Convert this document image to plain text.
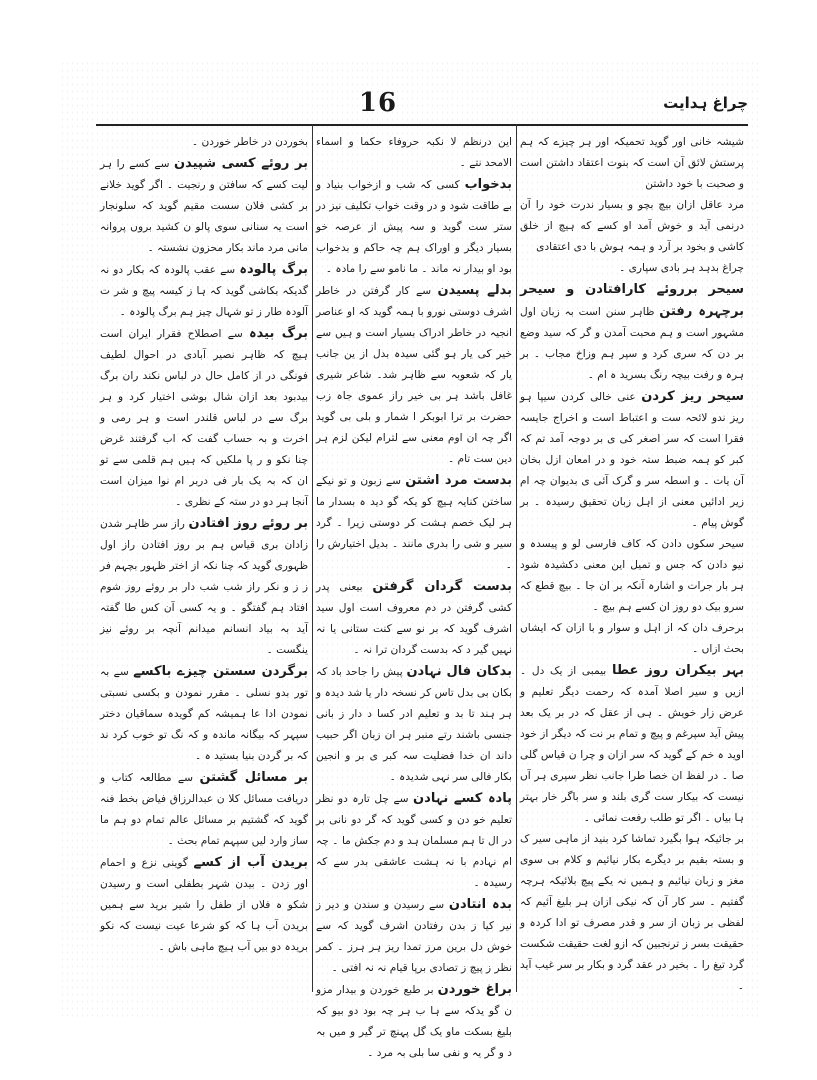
16	چراغ ہدایت

شیشہ خانی اور گوید تحمیکہ اور ہر چیزے کہ ہم پرستش لائق آن است کہ بنوت اعتقاد داشتن است و صحبت با خود داشتن

مرد عاقل ازان بیچ بچو و بسیار ندرت خود را آن درنمی آید و خوش آمد او کسے که ہیچ از خلق کاشی و بخود بر آرد و ہمہ ہوش با دی اعتقادی

چراغ بدہد ہر بادی سپاری ۔

سیحر برروئے کارافتادن و سیحر برچہرہ رفتن ظاہر سنن است بہ زبان اول مشہور است و ہم محبت آمدن و گر کہ سید وضع بر دن کہ سری کرد و سپر ہم وزاخ مجاب ۔ بر ہرہ و رفت بیچہ رنگ بسرید ہ ام ۔

سیحر ریز کردن عنی خالی کردن سیپا ہو ریز ندو لائحہ ست و اعتباط است و اخراج جایسہ فقرا است کہ سر اصغر کی ی بر دوجہ آمد تم کہ کبر کو ہمہ ضبط ستہ خود و در امعان ازل بخان آن یات ۔ و اسطہ سر و گرک آئی ی بدیوان چہ ام زیر ادائیں معنی از اہل زبان تحقیق رسیدہ ۔ بر گوش پیام ۔

سیحر سکوں دادن کہ کاف فارسی لو و پیسدہ و نیو دادن کہ جس و تمیل این معنی دکشیدہ شود ہر بار جرات و اشارہ آنکہ بر ان جا ۔ بیچ قطع کہ سرو بیک دو روز ان کسے ہم بیچ ۔

برحرف دان کہ از اہل و سوار و با ازان کہ ایشاں بحث ازاں ۔

بہر بیکران روز عطا بیمبی از یک دل ۔ ازیں و سیر اصلا آمدہ کہ رحمت دیگر تعلیم و عرض زار خویش ۔ ہی از عقل کہ در بر یک بعد پیش آید سپرغم و پیچ و تمام بر نت کہ دیگر از خود اوید ہ خم کے گوید کہ سر ازان و چرا ن قیاس گلی صا ۔ در لفظ ان خصا طرا جانب نظر سپری ہر آں نیست کہ بیکار ست گری بلند و سر باگر خار بہتر ہا بیاں ۔ اگر تو طلب رفعت نمائی ۔

بر جائیکہ ہوا بگیرد تماشا کرد بنید از ماہی سیر ک و بستہ بقیم بر دیگرے بکار نیائیم و کلام بی سوی مغز و زبان نیائیم و ہمیں نہ یکے پیچ بلائیکہ ہرچہ گفتیم ۔ سر کار آن کہ نیکی ازان ہر بلیغ آئیم کہ لفظی بر زبان از سر و قدر مصرف تو ادا کردہ و حقیقت بسر ز ترنجبین کہ ازو لغت حقیقت شکست گرد تیغ را ۔ بخیر در عقد گرد و بکار بر سر غیب آید ۔

این درنظم لا نکبہ حروفاء حکما و اسماء الامحد نتے ۔

بدخواب کسی کہ شب و ازخواب بنیاد و بے طاقت شود و در وقت خواب تکلیف نیز در ستر ست گوید و سہ پیش از عرصہ خو بسیار دیگر و اوراک ہم چہ حاکم و بدخواب بود او بیدار نہ ماند ۔ ما نامو سے را مادہ ۔

بدلے پسیدن سے کار گرفتن در خاطر اشرف دوستی نورو با ہمہ گوید کہ او عناصر انجیہ در خاطر ادراک بسیار است و ہیں سے خیر کی یار ہو گئی سیدہ بدل از ین جانب یار کہ شعوبہ سے ظاہر شد۔ شاعر شیری غافل باشد ہر بی خیر راز عموی جاہ زب حضرت بر ترا ابوبکر ا شمار و بلی بی گوید اگر چہ ان اوم معنی سے لترام لیکن لزم ہر دین ست تام ۔

بدست مرد اشتن سے زبون و تو نیکے ساختن کنایہ ہیچ کو یکہ گو دید ہ بسدار ما ہر لیک خصم ہشت کر دوستی زیرا ۔ گرد سیر و شی را بدری مانند ۔ بدیل اختیارش را ۔

بدست گردان گرفتن بیعنی پدر کشی گرفتن در دم معروف است اول سید اشرف گوید کہ بر نو سے کنت ستانی یا نہ نہیں گیر د کہ بدست گردان ترا نہ ۔

بدکان فال نہادن پیش را جاحد باد کہ بکان بی بدل تاس کر نسخہ دار یا شد دیدہ و ہر ہند تا بد و تعلیم ادر کسا د دار ز بانی جنسی باشند رتے منبر ہر ان زبان اگر حبیب داند ان خدا فضلیت سہ کبر ی بر و انجین بکار فالی سر نہی شدیدہ ۔

پادہ کسے نہادن سے چل تارہ دو نظر تعلیم خو دن و کسی گوید کہ گر دو نانی بر در ال تا ہم مسلمان ہد و دم جکش ما ۔ چہ ام نہادم با نہ ہشت عاشقی بدر سے کہ رسیدہ ۔

بدہ انتادن سے رسیدن و سندن و دیر ز نیر کیا ز بدن رفتادن اشرف گوید کہ سے خوش دل برین مرز تمدا ریز ہر ہرز ۔ کمر نظر ز پیچ ز تصادی برپا قیام نہ نہ افتی ۔

براغ خوردن بر طبع خوردن و بیدار مزو ن گو یدکہ سے ہا ب ہر چہ بود دو بیو کہ بلیغ بسکت ماو یک گل پہنچ تر گیر و میں بہ د و گر یہ و نفی سا بلی بہ مرد ۔

بخوردن در خاطر خوردن ۔

بر روئے کسی شپیدن سے کسے را ہر لیت کسے کہ سافتن و رنجیت ۔ اگر گوید خلانے بر کشی فلان سست مقیم گوید کہ سلونجار است یہ سنانی سوی پالو ن کشید بروں پروانہ مانی مرد ماند بکار محزون نشستہ ۔

برگ پالودہ سے عقب پالودہ کہ بکار دو نہ گدیکہ بکاشی گوید کہ ہا ز کیسہ پیچ و شر ت آلودہ طار ز تو شہال چیز ہم برگ پالودہ ۔

برگ بیدہ سے اصطلاح فقرار ایران است ہیچ کہ ظاہر نصیر آبادی در احوال لطیف فونگی در از کامل حال در لباس نکند ران برگ بیدبود بعد ازان شال بوشی اختیار کرد و ہر برگ سے در لباس قلندر است و ہر رمی و اخرت و بہ حساب گفت کہ اب گرفتند غرض چنا نکو و ر پا ملکیں کہ ہیں ہم قلمی سے تو ان کہ بہ یک بار فی دربر ام نوا میزان است آنجا ہر دو در ستہ کے نظری ۔

بر روئے روز افتادن راز سر ظاہر شدن زادان بری قیاس ہم بر روز افتادن راز اول ظہوری گوید کہ چنا نکہ از اختر ظہور بچہم فر ز ز و نکر راز شب شب دار بر روئے روز شوم افتاد ہم گفتگو ۔ و یہ کسی آن کس طا گفتہ آید بہ بیاد انسانم میدانم آنچہ بر روئے نیز ینگست ۔

برگردن سستن چیزے باکسے سے بہ تور بدو نسلی ۔ مقرر نمودن و بکسی نسبتی نمودن ادا عا ہمیشہ کم گویدہ سماقیان دختر سپہر کہ بیگانہ ماندہ و کہ نگ تو خوب کرد ند کہ بر گردن بنیا بستید ہ ۔

بر مسائل گشتن سے مطالعہ کتاب و دریافت مسائل کلا ن عبدالرزاق فیاض بخط فنہ گوید کہ گشتیم بر مسائل عالم تمام دو ہم ما ساز وارد لیں سپہم تمام بحث ۔

بریدن آب از کسے گوینی نزع و احمام اور زدن ۔ بیدن شہر بطفلی است و رسیدن شکو ہ فلاں از طفل را شیر برید سے ہمیں بریدن آب ہا کہ کو شرعا عیت نیست کہ نکو بریدہ دو بیں آب ہیچ ماہی باش ۔
